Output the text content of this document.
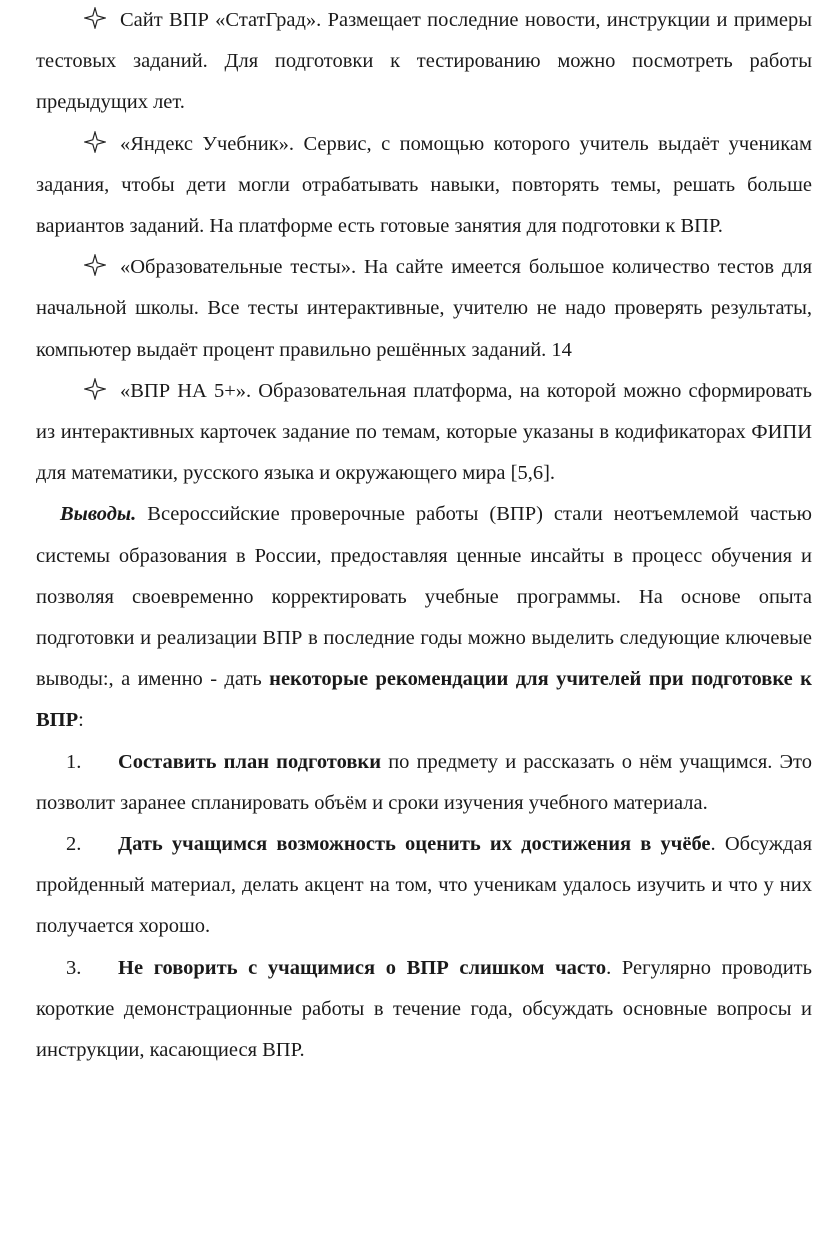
Сайт ВПР «СтатГрад». Размещает последние новости, инструкции и примеры тестовых заданий. Для подготовки к тестированию можно посмотреть работы предыдущих лет.

«Яндекс Учебник». Сервис, с помощью которого учитель выдаёт ученикам задания, чтобы дети могли отрабатывать навыки, повторять темы, решать больше вариантов заданий. На платформе есть готовые занятия для подготовки к ВПР.

«Образовательные тесты». На сайте имеется большое количество тестов для начальной школы. Все тесты интерактивные, учителю не надо проверять результаты, компьютер выдаёт процент правильно решённых заданий. 14

«ВПР НА 5+». Образовательная платформа, на которой можно сформировать из интерактивных карточек задание по темам, которые указаны в кодификаторах ФИПИ для математики, русского языка и окружающего мира [5,6].

Выводы. Всероссийские проверочные работы (ВПР) стали неотъемлемой частью системы образования в России, предоставляя ценные инсайты в процесс обучения и позволяя своевременно корректировать учебные программы. На основе опыта подготовки и реализации ВПР в последние годы можно выделить следующие ключевые выводы:, а именно - дать некоторые рекомендации для учителей при подготовке к ВПР:

1. Составить план подготовки по предмету и рассказать о нём учащимся. Это позволит заранее спланировать объём и сроки изучения учебного материала.

2. Дать учащимся возможность оценить их достижения в учёбе. Обсуждая пройденный материал, делать акцент на том, что ученикам удалось изучить и что у них получается хорошо.

3. Не говорить с учащимися о ВПР слишком часто. Регулярно проводить короткие демонстрационные работы в течение года, обсуждать основные вопросы и инструкции, касающиеся ВПР.
